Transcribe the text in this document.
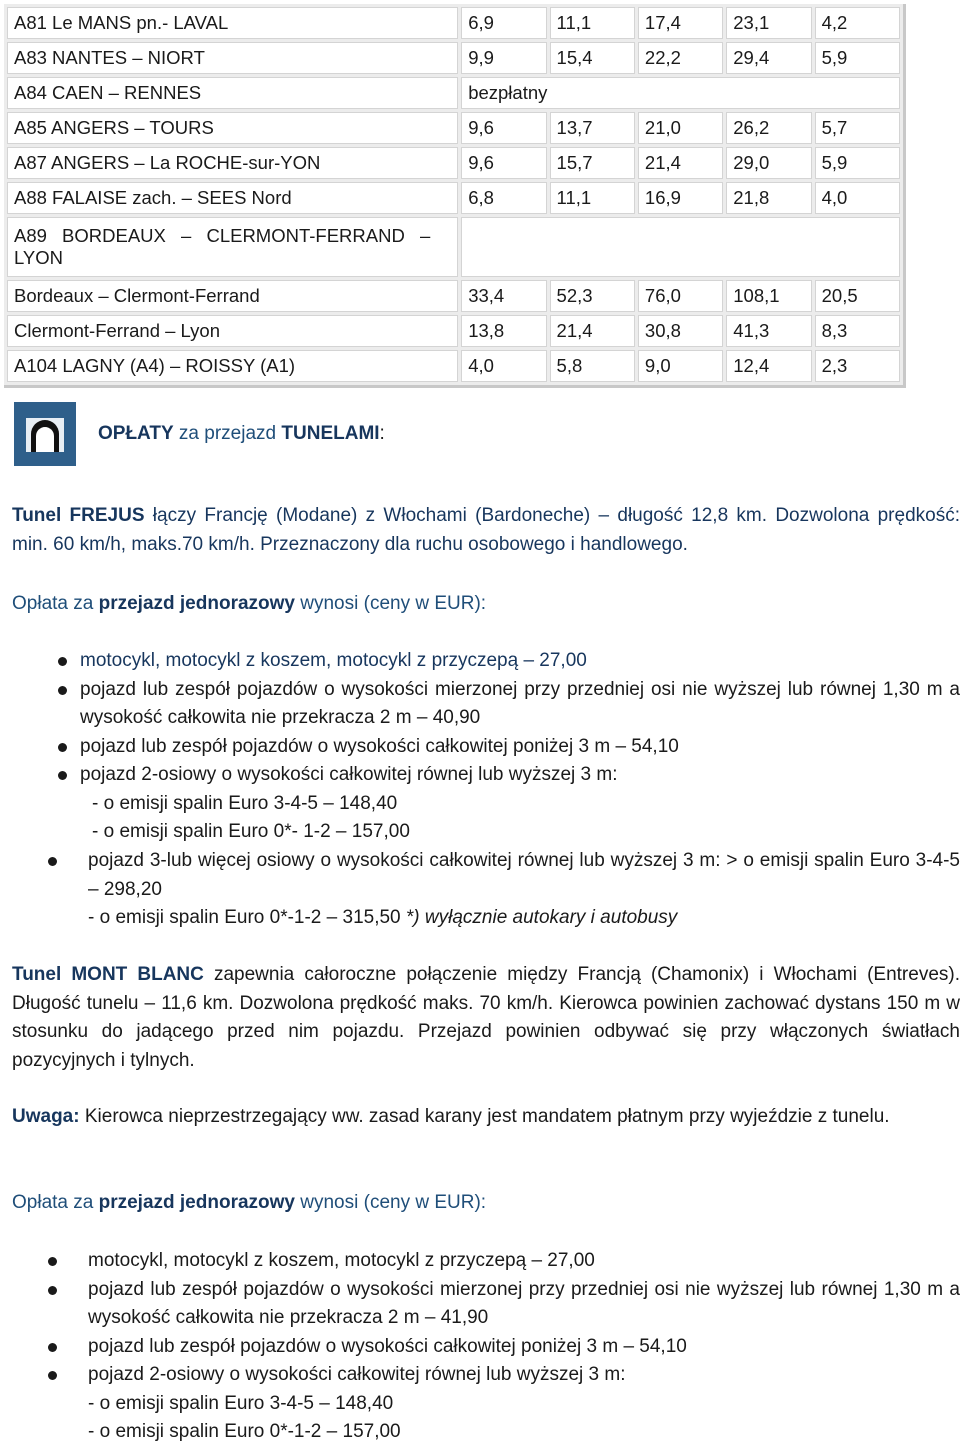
A81 Le MANS pn.- LAVAL	6,9	11,1	17,4	23,1	4,2
A83 NANTES – NIORT	9,9	15,4	22,2	29,4	5,9
A84 CAEN – RENNES	bezpłatny				
A85 ANGERS – TOURS	9,6	13,7	21,0	26,2	5,7
A87 ANGERS – La ROCHE-sur-YON	9,6	15,7	21,4	29,0	5,9
A88 FALAISE zach. – SEES Nord	6,8	11,1	16,9	21,8	4,0
A89 BORDEAUX – CLERMONT-FERRAND – LYON					
Bordeaux – Clermont-Ferrand	33,4	52,3	76,0	108,1	20,5
Clermont-Ferrand – Lyon	13,8	21,4	30,8	41,3	8,3
A104 LAGNY (A4) – ROISSY (A1)	4,0	5,8	9,0	12,4	2,3
OPŁATY za przejazd TUNELAMI:
Tunel FREJUS łączy Francję (Modane) z Włochami (Bardoneche) – długość 12,8 km. Dozwolona prędkość: min. 60 km/h, maks.70 km/h. Przeznaczony dla ruchu osobowego i handlowego.
Opłata za przejazd jednorazowy wynosi (ceny w EUR):
motocykl, motocykl z koszem, motocykl z przyczepą – 27,00
pojazd lub zespół pojazdów o wysokości mierzonej przy przedniej osi nie wyższej lub równej 1,30 m a wysokość całkowita nie przekracza 2 m – 40,90
pojazd lub zespół pojazdów o wysokości całkowitej poniżej 3 m – 54,10
pojazd 2-osiowy o wysokości całkowitej równej lub wyższej 3 m:
- o emisji spalin Euro 3-4-5 – 148,40
- o emisji spalin Euro 0*- 1-2 – 157,00
pojazd 3-lub więcej osiowy o wysokości całkowitej równej lub wyższej 3 m: > o emisji spalin Euro 3-4-5 – 298,20
- o emisji spalin Euro 0*-1-2 – 315,50 *) wyłącznie autokary i autobusy
Tunel MONT BLANC zapewnia całoroczne połączenie między Francją (Chamonix) i Włochami (Entreves). Długość tunelu – 11,6 km. Dozwolona prędkość maks. 70 km/h. Kierowca powinien zachować dystans 150 m w stosunku do jadącego przed nim pojazdu. Przejazd powinien odbywać się przy włączonych światłach pozycyjnych i tylnych.
Uwaga: Kierowca nieprzestrzegający ww. zasad karany jest mandatem płatnym przy wyjeździe z tunelu.
Opłata za przejazd jednorazowy wynosi (ceny w EUR):
motocykl, motocykl z koszem, motocykl z przyczepą – 27,00
pojazd lub zespół pojazdów o wysokości mierzonej przy przedniej osi nie wyższej lub równej 1,30 m a wysokość całkowita nie przekracza 2 m – 41,90
pojazd lub zespół pojazdów o wysokości całkowitej poniżej 3 m – 54,10
pojazd 2-osiowy o wysokości całkowitej równej lub wyższej 3 m:
- o emisji spalin Euro 3-4-5 – 148,40
- o emisji spalin Euro 0*-1-2 – 157,00
